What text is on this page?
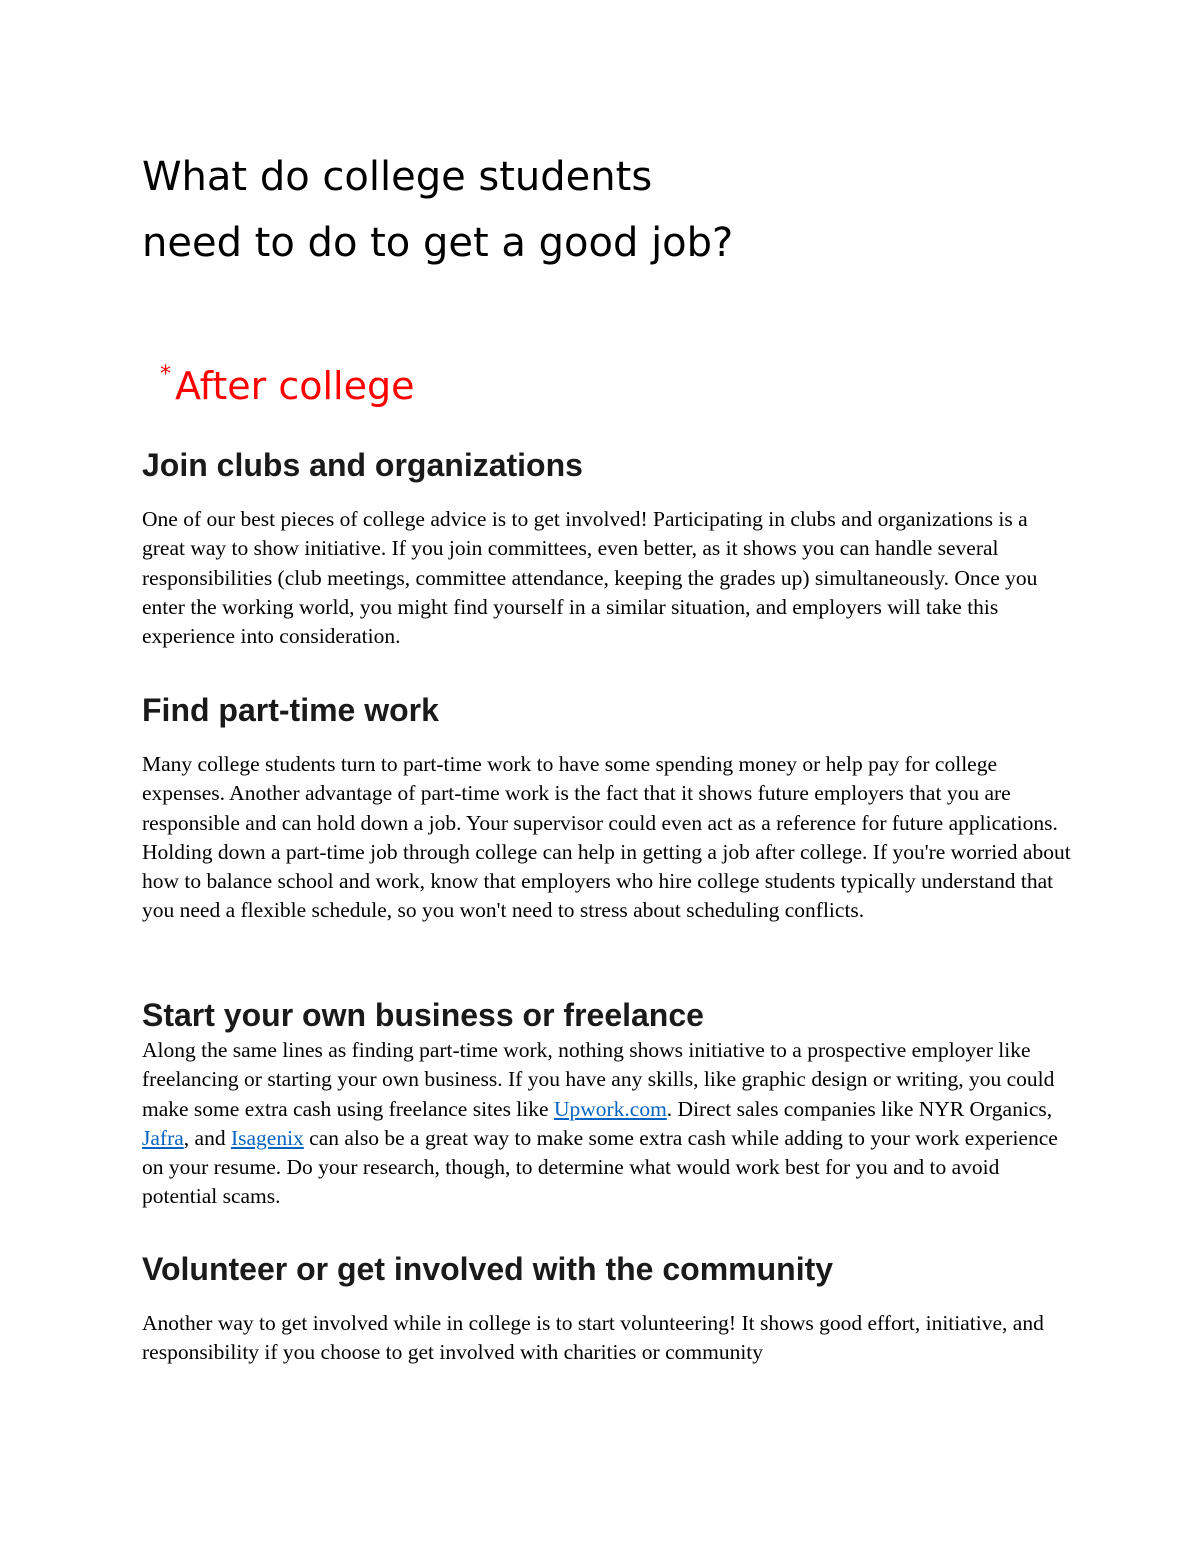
What do college students
need to do to get a good job?

* After college

Join clubs and organizations

One of our best pieces of college advice is to get involved! Participating in clubs and organizations is a great way to show initiative. If you join committees, even better, as it shows you can handle several responsibilities (club meetings, committee attendance, keeping the grades up) simultaneously. Once you enter the working world, you might find yourself in a similar situation, and employers will take this experience into consideration.

Find part-time work

Many college students turn to part-time work to have some spending money or help pay for college expenses. Another advantage of part-time work is the fact that it shows future employers that you are responsible and can hold down a job. Your supervisor could even act as a reference for future applications. Holding down a part-time job through college can help in getting a job after college. If you're worried about how to balance school and work, know that employers who hire college students typically understand that you need a flexible schedule, so you won't need to stress about scheduling conflicts.

Start your own business or freelance

Along the same lines as finding part-time work, nothing shows initiative to a prospective employer like freelancing or starting your own business. If you have any skills, like graphic design or writing, you could make some extra cash using freelance sites like Upwork.com. Direct sales companies like NYR Organics, Jafra, and Isagenix can also be a great way to make some extra cash while adding to your work experience on your resume. Do your research, though, to determine what would work best for you and to avoid potential scams.

Volunteer or get involved with the community

Another way to get involved while in college is to start volunteering! It shows good effort, initiative, and responsibility if you choose to get involved with charities or community
